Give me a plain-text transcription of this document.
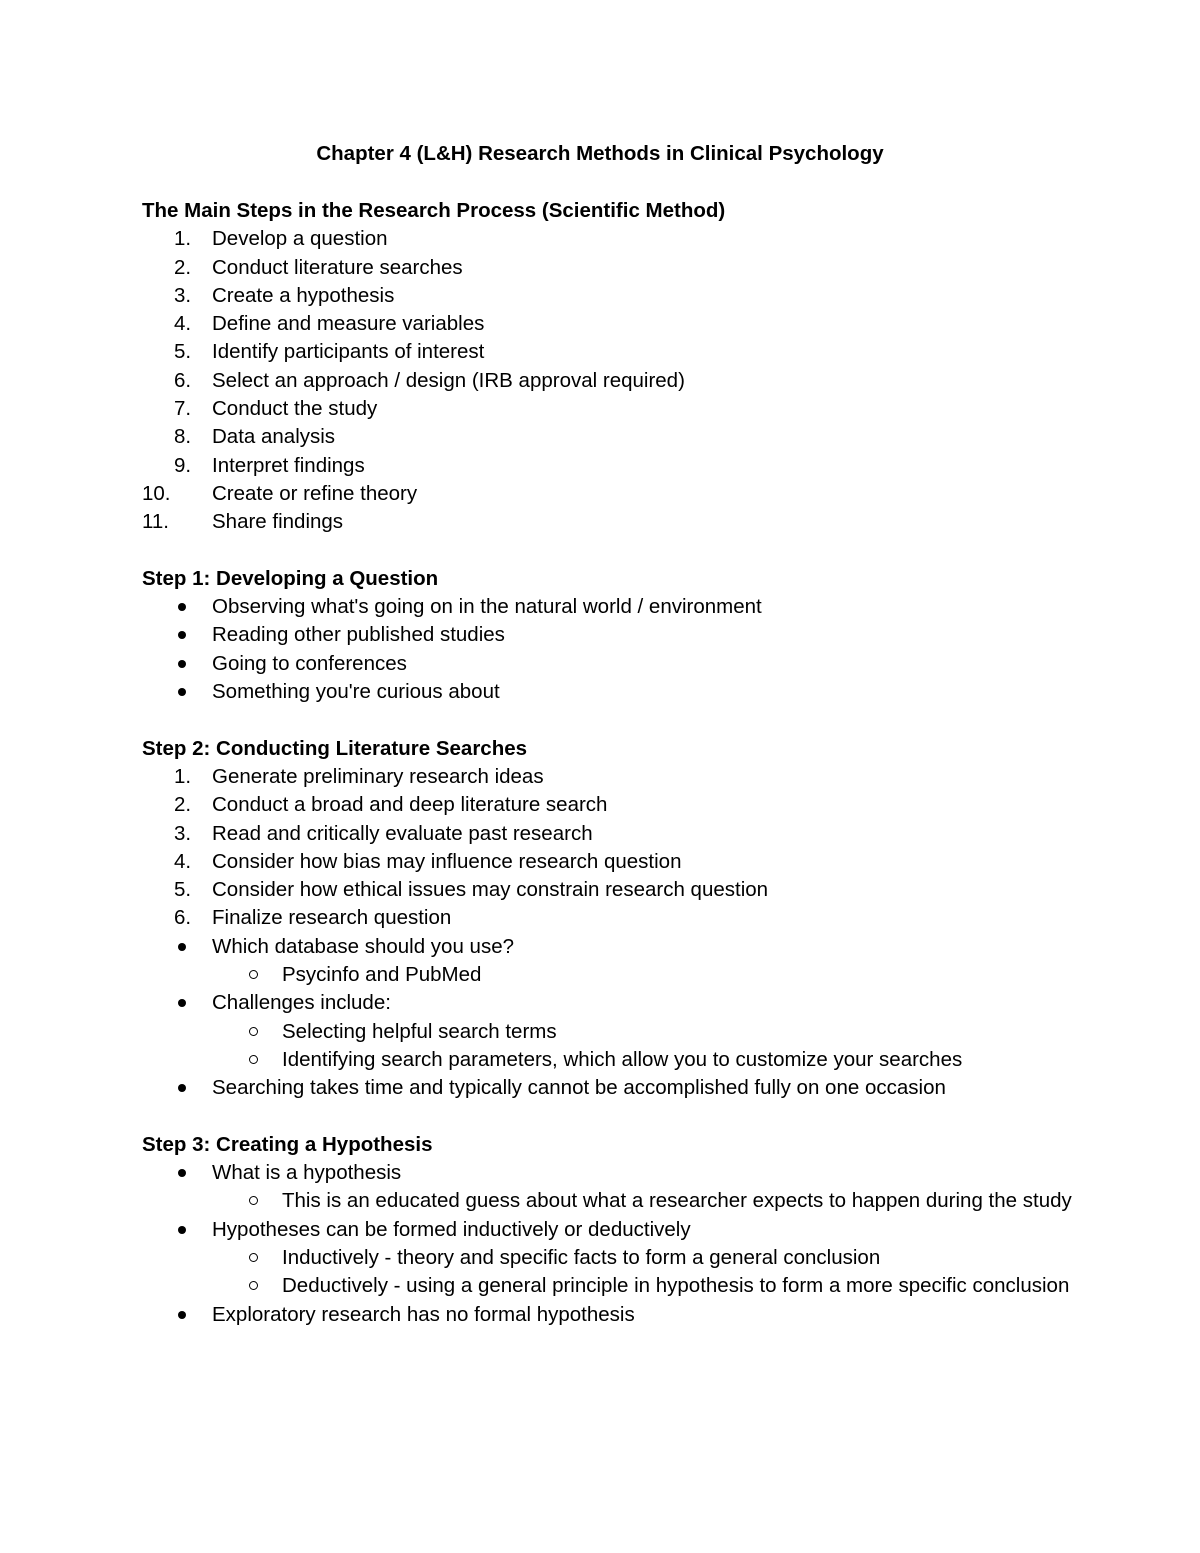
Chapter 4 (L&H) Research Methods in Clinical Psychology
The Main Steps in the Research Process (Scientific Method)
1. Develop a question
2. Conduct literature searches
3. Create a hypothesis
4. Define and measure variables
5. Identify participants of interest
6. Select an approach / design (IRB approval required)
7. Conduct the study
8. Data analysis
9. Interpret findings
10. Create or refine theory
11. Share findings
Step 1: Developing a Question
Observing what's going on in the natural world / environment
Reading other published studies
Going to conferences
Something you're curious about
Step 2: Conducting Literature Searches
1. Generate preliminary research ideas
2. Conduct a broad and deep literature search
3. Read and critically evaluate past research
4. Consider how bias may influence research question
5. Consider how ethical issues may constrain research question
6. Finalize research question
Which database should you use?
Psycinfo and PubMed
Challenges include:
Selecting helpful search terms
Identifying search parameters, which allow you to customize your searches
Searching takes time and typically cannot be accomplished fully on one occasion
Step 3: Creating a Hypothesis
What is a hypothesis
This is an educated guess about what a researcher expects to happen during the study
Hypotheses can be formed inductively or deductively
Inductively - theory and specific facts to form a general conclusion
Deductively - using a general principle in hypothesis to form a more specific conclusion
Exploratory research has no formal hypothesis
